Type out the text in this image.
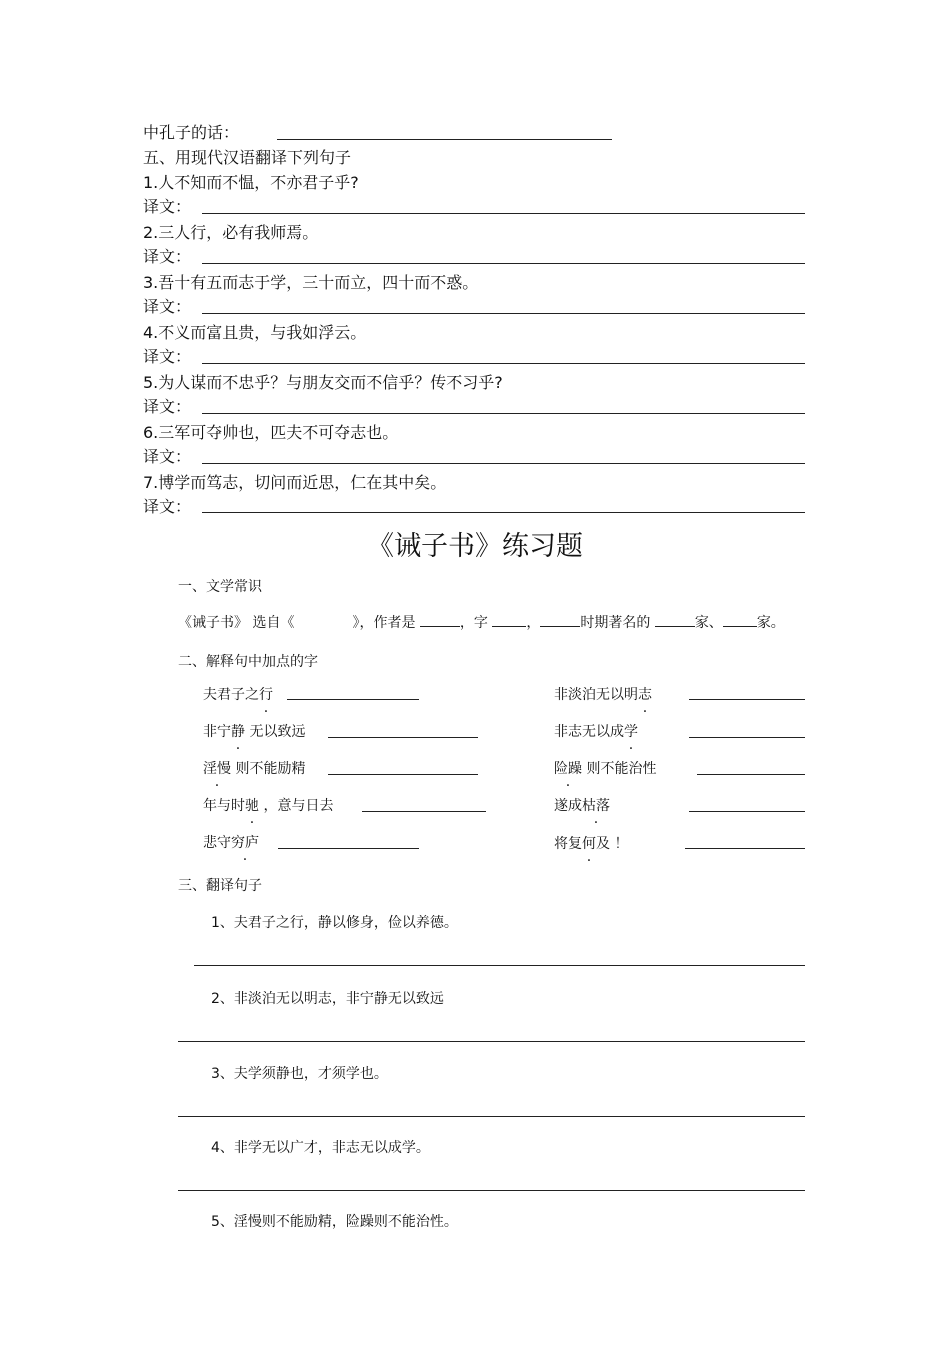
中孔子的话：
五、用现代汉语翻译下列句子
1.人不知而不愠，不亦君子乎?
译文：
2.三人行，必有我师焉。
译文：
3.吾十有五而志于学，三十而立，四十而不惑。
译文：
4.不义而富且贵，与我如浮云。
译文：
5.为人谋而不忠乎？与朋友交而不信乎？传不习乎?
译文：
6.三军可夺帅也，匹夫不可夺志也。
译文：
7.博学而笃志，切问而近思，仁在其中矣。
译文：
《诫子书》练习题
一、文学常识
《诫子书》 选自《	》，作者是	，字	，	时期著名的	家、 家。
二、解释句中加点的字
夫君子之行	非淡泊无以明志
非宁静 无以致远	非志无以成学
淫慢 则不能励精	险躁 则不能治性
年与时驰 ，意与日去	遂成枯落
悲守穷庐	将复何及 ！
三、翻译句子
1、夫君子之行，静以修身，俭以养德。
2、非淡泊无以明志，非宁静无以致远
3、夫学须静也，才须学也。
4、非学无以广才，非志无以成学。
5、淫慢则不能励精，险躁则不能治性。
